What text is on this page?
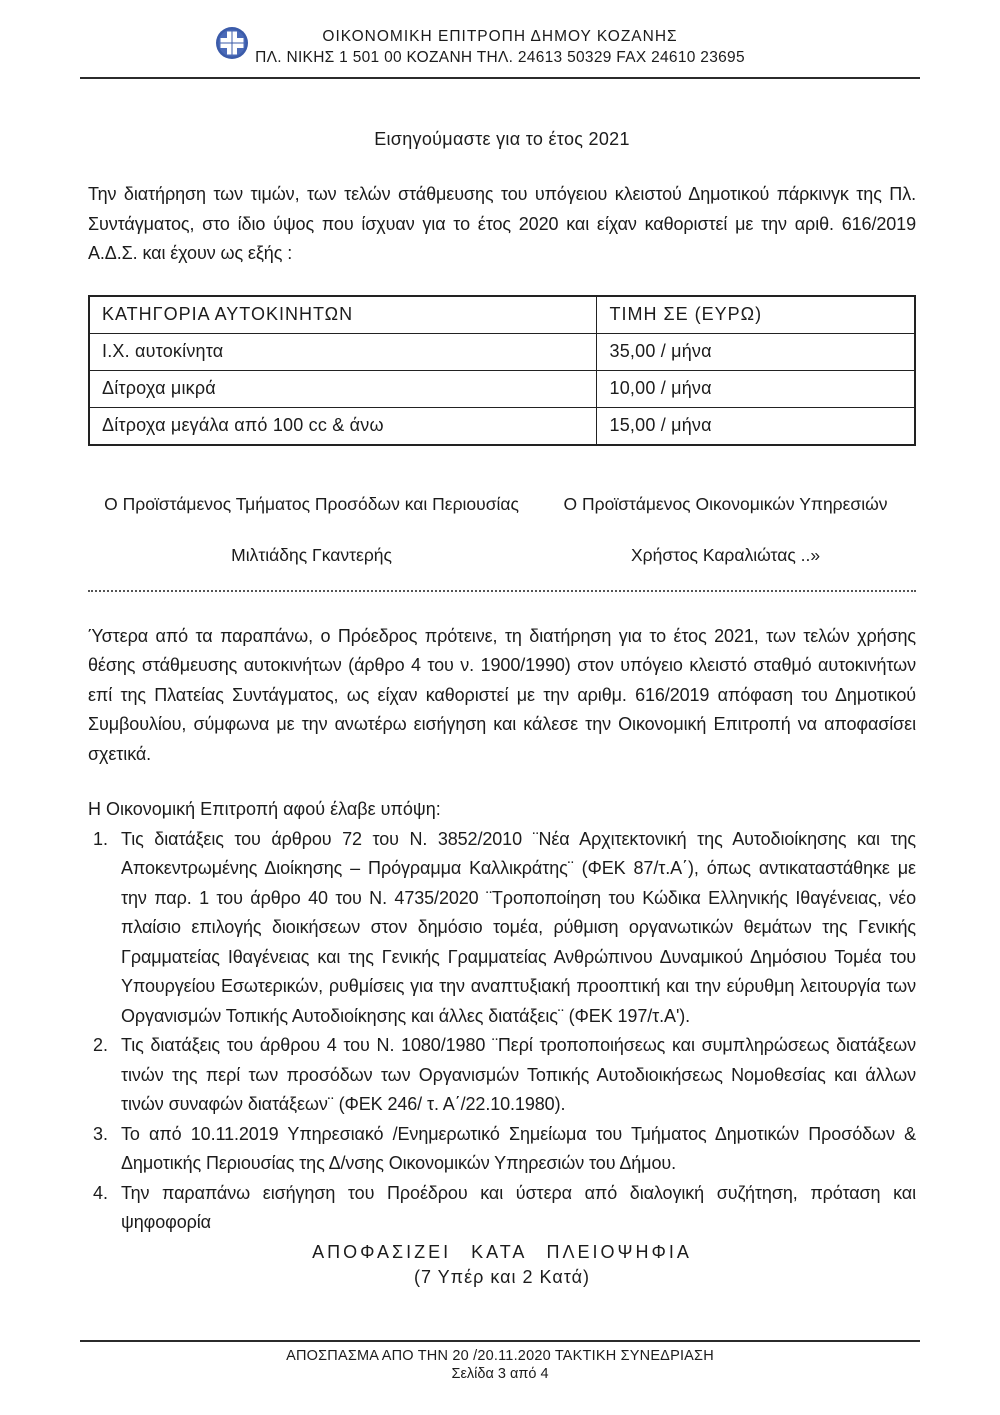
ΟΙΚΟΝΟΜΙΚΗ ΕΠΙΤΡΟΠΗ ΔΗΜΟΥ ΚΟΖΑΝΗΣ
ΠΛ. ΝΙΚΗΣ 1 501 00 ΚΟΖΑΝΗ ΤΗΛ. 24613 50329 FAX 24610 23695
Εισηγούμαστε για το έτος 2021

Την διατήρηση των τιμών, των τελών στάθμευσης του υπόγειου κλειστού Δημοτικού πάρκινγκ της Πλ. Συντάγματος, στο ίδιο ύψος που ίσχυαν για το έτος 2020 και είχαν καθοριστεί με την αριθ. 616/2019 Α.Δ.Σ. και έχουν ως εξής :

ΚΑΤΗΓΟΡΙΑ ΑΥΤΟΚΙΝΗΤΩΝ	ΤΙΜΗ ΣΕ (ΕΥΡΩ)
Ι.Χ. αυτοκίνητα	35,00 / μήνα
Δίτροχα μικρά	10,00 / μήνα
Δίτροχα μεγάλα από 100 cc & άνω	15,00 / μήνα
Ο Προϊστάμενος Τμήματος Προσόδων και Περιουσίας
Μιλτιάδης Γκαντερής
Ο Προϊστάμενος Οικονομικών Υπηρεσιών
Χρήστος Καραλιώτας ..»

Ύστερα από τα παραπάνω, ο Πρόεδρος πρότεινε, τη διατήρηση για το έτος 2021, των τελών χρήσης θέσης στάθμευσης αυτοκινήτων (άρθρο 4 του ν. 1900/1990) στον υπόγειο κλειστό σταθμό αυτοκινήτων επί της Πλατείας Συντάγματος, ως είχαν καθοριστεί με την αριθμ. 616/2019 απόφαση του Δημοτικού Συμβουλίου, σύμφωνα με την ανωτέρω εισήγηση και κάλεσε την Οικονομική Επιτροπή να αποφασίσει σχετικά.

Η Οικονομική Επιτροπή αφού έλαβε υπόψη:
1. Τις διατάξεις του άρθρου 72 του Ν. 3852/2010 ¨Νέα Αρχιτεκτονική της Αυτοδιοίκησης και της Αποκεντρωμένης Διοίκησης – Πρόγραμμα Καλλικράτης¨ (ΦΕΚ 87/τ.Α΄), όπως αντικαταστάθηκε με την παρ. 1 του άρθρο 40 του Ν. 4735/2020 ¨Τροποποίηση του Κώδικα Ελληνικής Ιθαγένειας, νέο πλαίσιο επιλογής διοικήσεων στον δημόσιο τομέα, ρύθμιση οργανωτικών θεμάτων της Γενικής Γραμματείας Ιθαγένειας και της Γενικής Γραμματείας Ανθρώπινου Δυναμικού Δημόσιου Τομέα του Υπουργείου Εσωτερικών, ρυθμίσεις για την αναπτυξιακή προοπτική και την εύρυθμη λειτουργία των Οργανισμών Τοπικής Αυτοδιοίκησης και άλλες διατάξεις¨ (ΦΕΚ 197/τ.Α').
2. Τις διατάξεις του άρθρου 4 του Ν. 1080/1980 ¨Περί τροποποιήσεως και συμπληρώσεως διατάξεων τινών της περί των προσόδων των Οργανισμών Τοπικής Αυτοδιοικήσεως Νομοθεσίας και άλλων τινών συναφών διατάξεων¨ (ΦΕΚ 246/ τ. Α΄/22.10.1980).
3. Το από 10.11.2019 Υπηρεσιακό /Ενημερωτικό Σημείωμα του Τμήματος Δημοτικών Προσόδων & Δημοτικής Περιουσίας της Δ/νσης Οικονομικών Υπηρεσιών του Δήμου.
4. Την παραπάνω εισήγηση του Προέδρου και ύστερα από διαλογική συζήτηση, πρόταση και ψηφοφορία
ΑΠΟΦΑΣΙΖΕΙ ΚΑΤΑ ΠΛΕΙΟΨΗΦΙΑ
(7 Υπέρ και 2 Κατά)
ΑΠΟΣΠΑΣΜΑ ΑΠΟ ΤΗΝ 20 /20.11.2020 ΤΑΚΤΙΚΗ ΣΥΝΕΔΡΙΑΣΗ
Σελίδα 3 από 4
